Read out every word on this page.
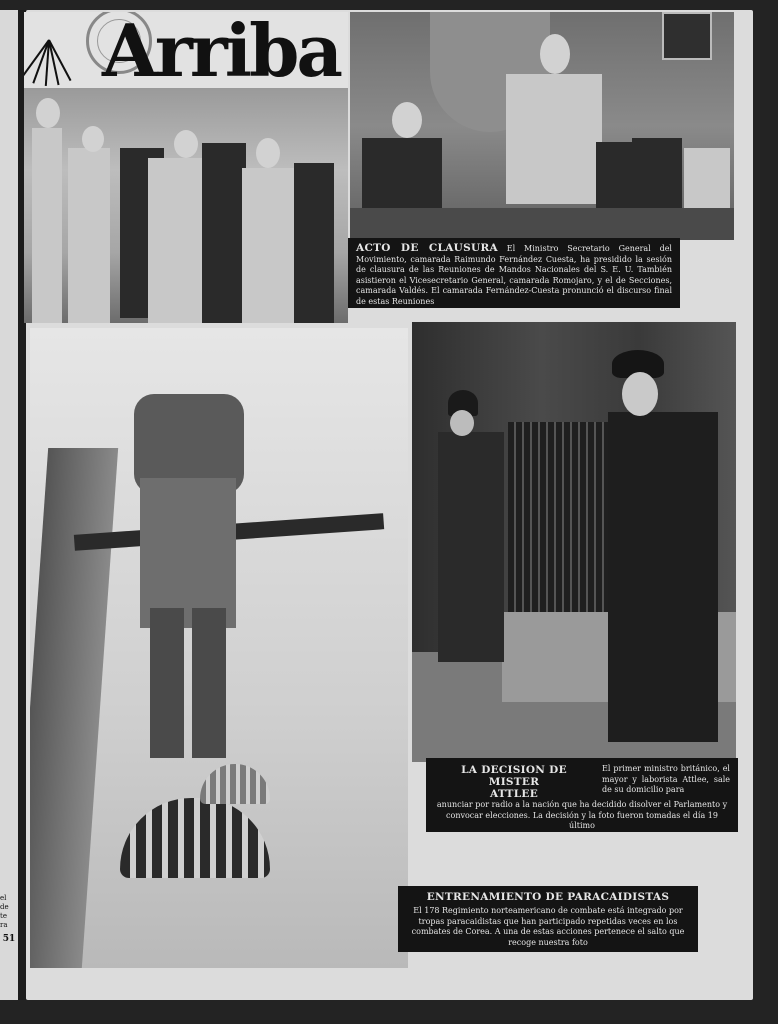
el
de
te
ra
51
Arriba

ACTO DE CLAUSURA El Ministro Secretario General del Movimiento, camarada Raimundo Fernández Cuesta, ha presidido la sesión de clausura de las Reuniones de Mandos Nacionales del S. E. U. También asistieron el Vicesecretario General, camarada Romojaro, y el de Secciones, camarada Valdés. El camarada Fernández-Cuesta pronunció el discurso final de estas Reuniones

LA DECISION DE MISTER
ATTLEE

El primer ministro británico, el mayor y laborista Attlee, sale de su domicilio para

anunciar por radio a la nación que ha decidido disolver el Parlamento y convocar elecciones. La decisión y la foto fueron tomadas el día 19 último

ENTRENAMIENTO DE PARACAIDISTAS

El 178 Regimiento norteamericano de combate está integrado por tropas paracaidistas que han participado repetidas veces en los combates de Corea. A una de estas acciones pertenece el salto que recoge nuestra foto
